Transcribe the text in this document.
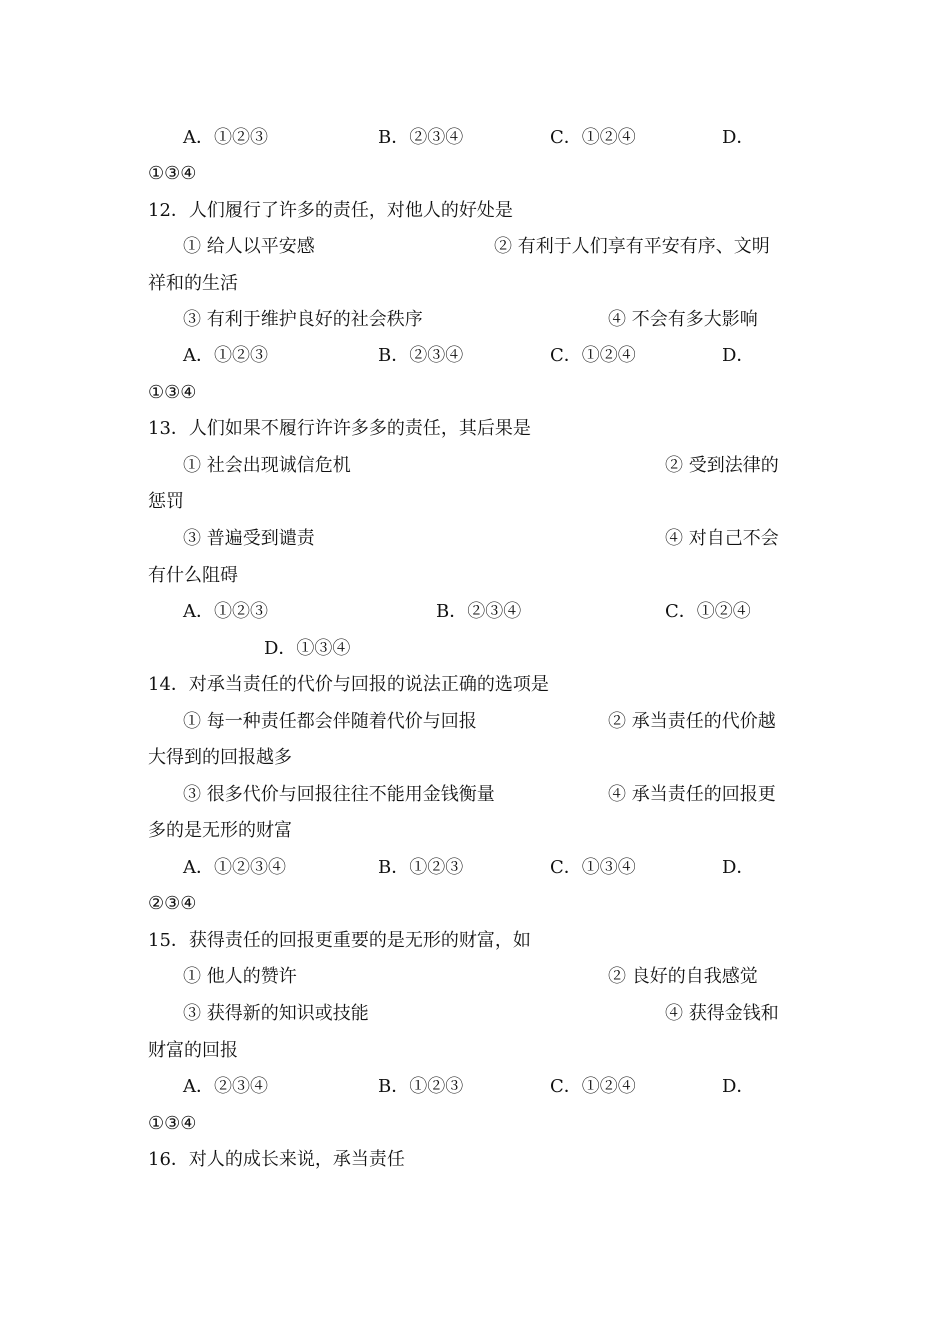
A．①②③	B．②③④	C．①②④	D．
①③④
12．人们履行了许多的责任，对他人的好处是
① 给人以平安感	② 有利于人们享有平安有序、文明
祥和的生活
③ 有利于维护良好的社会秩序	④ 不会有多大影响
A．①②③	B．②③④	C．①②④	D．
①③④
13．人们如果不履行许许多多的责任，其后果是
① 社会出现诚信危机	② 受到法律的
惩罚
③ 普遍受到谴责	④ 对自己不会
有什么阻碍
A．①②③	B．②③④	C．①②④
D．①③④
14．对承当责任的代价与回报的说法正确的选项是
① 每一种责任都会伴随着代价与回报	② 承当责任的代价越
大得到的回报越多
③ 很多代价与回报往往不能用金钱衡量	④ 承当责任的回报更
多的是无形的财富
A．①②③④	B．①②③	C．①③④	D．
②③④
15．获得责任的回报更重要的是无形的财富，如
① 他人的赞许	② 良好的自我感觉
③ 获得新的知识或技能	④ 获得金钱和
财富的回报
A．②③④	B．①②③	C．①②④	D．
①③④
16．对人的成长来说，承当责任
